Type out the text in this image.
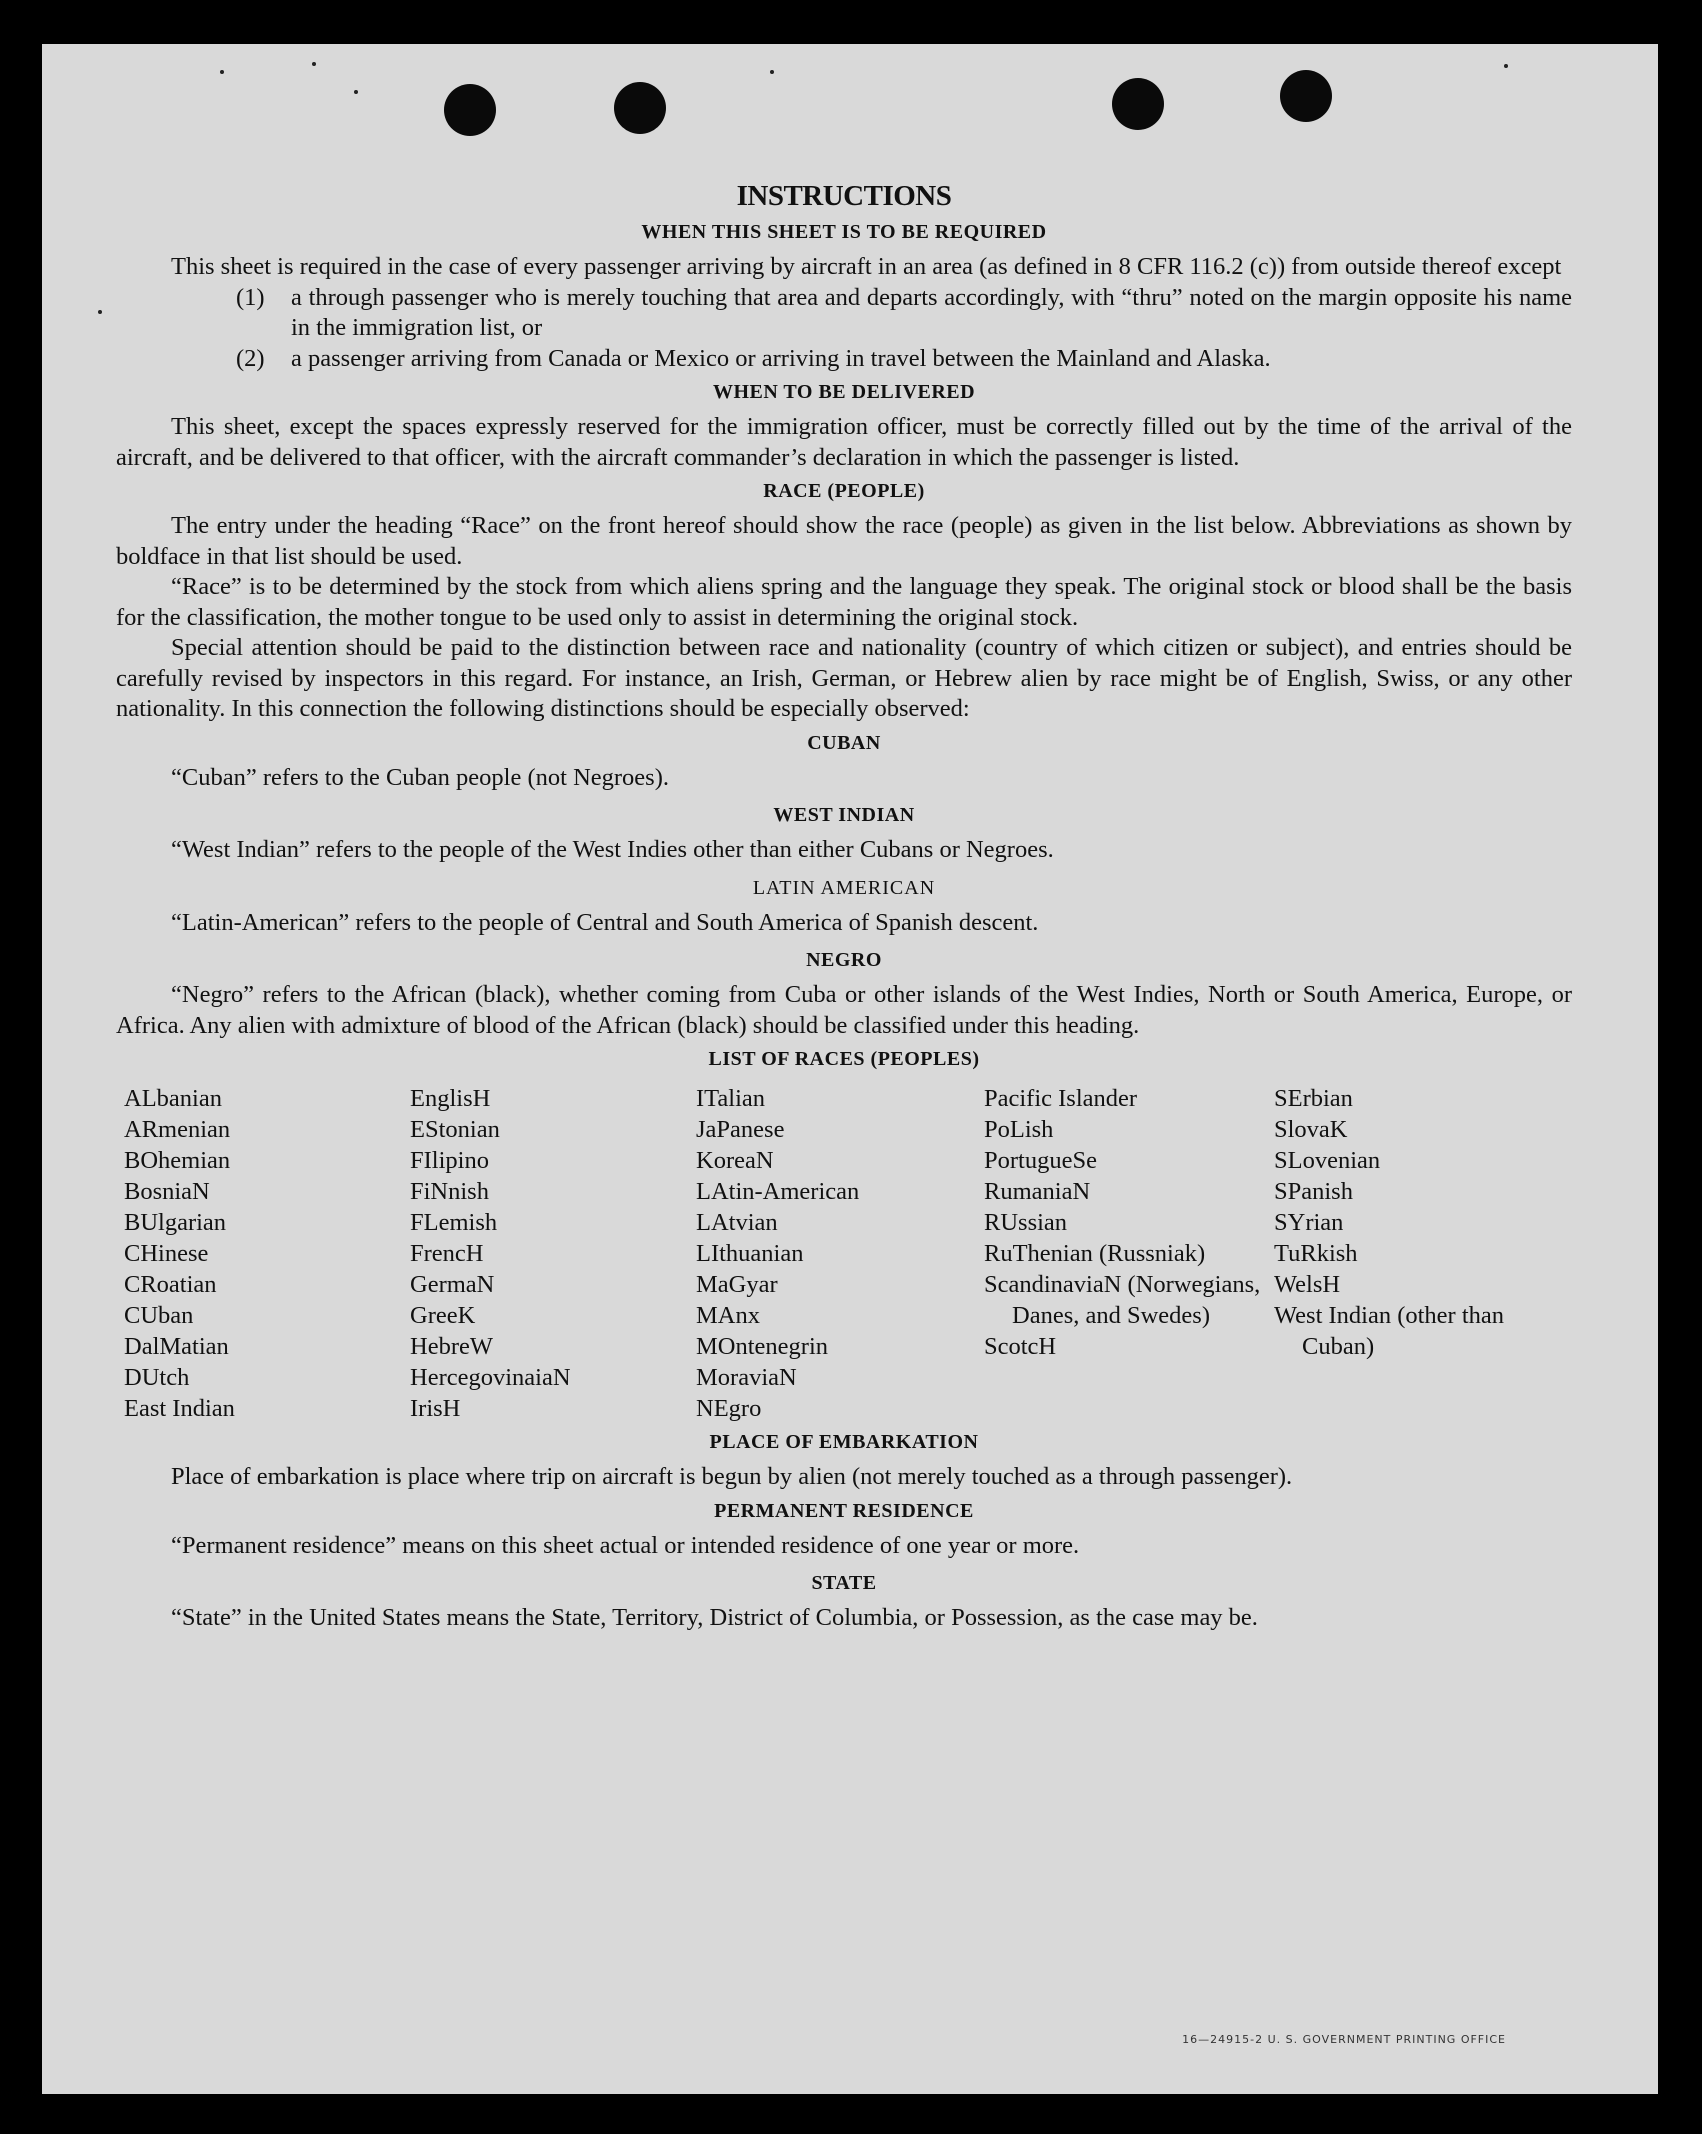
INSTRUCTIONS
WHEN THIS SHEET IS TO BE REQUIRED

This sheet is required in the case of every passenger arriving by aircraft in an area (as defined in 8 CFR 116.2 (c)) from outside thereof except

(1)	a through passenger who is merely touching that area and departs accordingly, with “thru” noted on the margin opposite his name in the immigration list, or
(2)	a passenger arriving from Canada or Mexico or arriving in travel between the Mainland and Alaska.
WHEN TO BE DELIVERED

This sheet, except the spaces expressly reserved for the immigration officer, must be correctly filled out by the time of the arrival of the aircraft, and be delivered to that officer, with the aircraft commander’s declaration in which the passenger is listed.

RACE (PEOPLE)

The entry under the heading “Race” on the front hereof should show the race (people) as given in the list below. Abbreviations as shown by boldface in that list should be used.

“Race” is to be determined by the stock from which aliens spring and the language they speak. The original stock or blood shall be the basis for the classification, the mother tongue to be used only to assist in determining the original stock.

Special attention should be paid to the distinction between race and nationality (country of which citizen or subject), and entries should be carefully revised by inspectors in this regard. For instance, an Irish, German, or Hebrew alien by race might be of English, Swiss, or any other nationality. In this connection the following distinctions should be especially observed:

CUBAN

“Cuban” refers to the Cuban people (not Negroes).

WEST INDIAN

“West Indian” refers to the people of the West Indies other than either Cubans or Negroes.

LATIN AMERICAN

“Latin-American” refers to the people of Central and South America of Spanish descent.

NEGRO

“Negro” refers to the African (black), whether coming from Cuba or other islands of the West Indies, North or South America, Europe, or Africa. Any alien with admixture of blood of the African (black) should be classified under this heading.

LIST OF RACES (PEOPLES)
ALbanian
ARmenian
BOhemian
BosniaN
BUlgarian
CHinese
CRoatian
CUban
DalMatian
DUtch
East Indian
EnglisH
EStonian
FIlipino
FiNnish
FLemish
FrencH
GermaN
GreeK
HebreW
HercegovinaiaN
IrisH
ITalian
JaPanese
KoreaN
LAtin-American
LAtvian
LIthuanian
MaGyar
MAnx
MOntenegrin
MoraviaN
NEgro
Pacific Islander
PoLish
PortugueSe
RumaniaN
RUssian
RuThenian (Russniak)
ScandinaviaN (Norwegians, Danes, and Swedes)
ScotcH
SErbian
SlovaK
SLovenian
SPanish
SYrian
TuRkish
WelsH
West Indian (other than Cuban)
PLACE OF EMBARKATION

Place of embarkation is place where trip on aircraft is begun by alien (not merely touched as a through passenger).

PERMANENT RESIDENCE

“Permanent residence” means on this sheet actual or intended residence of one year or more.

STATE

“State” in the United States means the State, Territory, District of Columbia, or Possession, as the case may be.

16—24915-2 U. S. GOVERNMENT PRINTING OFFICE
